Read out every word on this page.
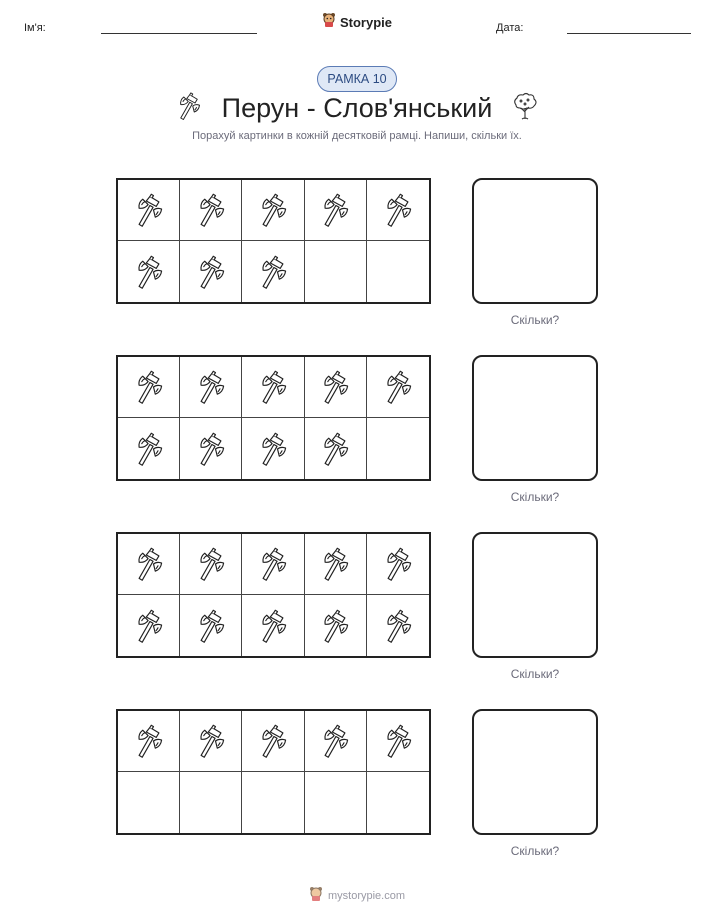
Ім'я:	Storypie	Дата:
РАМКА 10
Перун - Слов'янський
Порахуй картинки в кожній десятковій рамці. Напиши, скільки їх.
Скільки?
Скільки?
Скільки?
Скільки?
mystorypie.com
